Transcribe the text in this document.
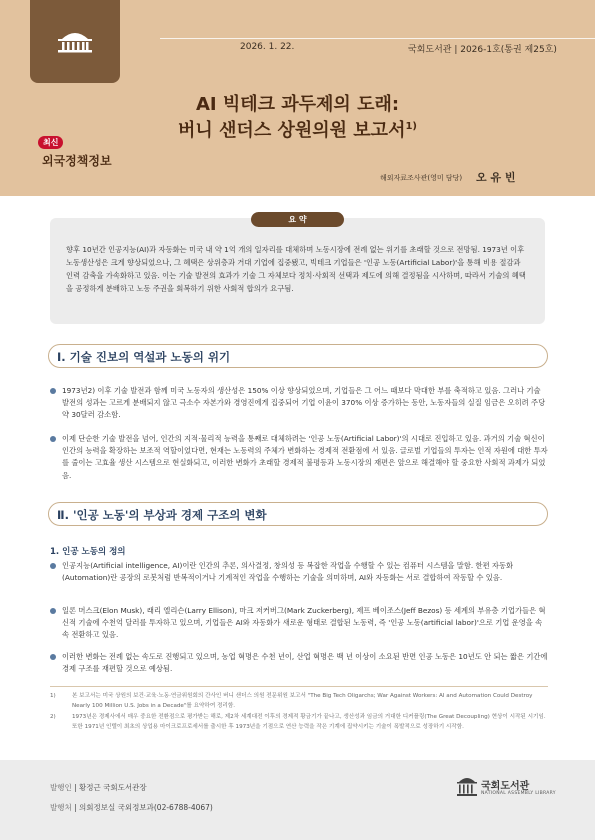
2026. 1. 22.	국회도서관 | 2026-1호(통권 제25호)
AI 빅테크 과두제의 도래:
버니 샌더스 상원의원 보고서$^{1)}$
최신
외국정책정보
해외자료조사관(영미 담당) 오 유 빈
요 약
향후 10년간 인공지능(AI)과 자동화는 미국 내 약 1억 개의 일자리를 대체하며 노동시장에 전례 없는 위기를 초래할 것으로 전망됨. 1973년 이후 노동생산성은 크게 향상되었으나, 그 혜택은 상위층과 거대 기업에 집중됐고, 빅테크 기업들은 '인공 노동(Artificial Labor)'을 통해 비용 절감과 인력 감축을 가속화하고 있음. 이는 기술 발전의 효과가 기술 그 자체보다 정치·사회적 선택과 제도에 의해 결정됨을 시사하며, 따라서 기술의 혜택을 공정하게 분배하고 노동 주권을 회복하기 위한 사회적 합의가 요구됨.
Ⅰ. 기술 진보의 역설과 노동의 위기
1973년2) 이후 기술 발전과 함께 미국 노동자의 생산성은 150% 이상 향상되었으며, 기업들은 그 어느 때보다 막대한 부를 축적하고 있음. 그러나 기술 발전의 성과는 고르게 분배되지 않고 극소수 자본가와 경영진에게 집중되어 기업 이윤이 370% 이상 증가하는 동안, 노동자들의 실질 임금은 오히려 주당 약 30달러 감소함.
이제 단순한 기술 발전을 넘어, 인간의 지적·물리적 능력을 통째로 대체하려는 '인공 노동(Artificial Labor)'의 시대로 진입하고 있음. 과거의 기술 혁신이 인간의 능력을 확장하는 보조적 역할이었다면, 현재는 노동력의 주체가 변화하는 경제적 전환점에 서 있음. 글로벌 기업들의 투자는 인적 자원에 대한 투자를 줄이는 고효율 생산 시스템으로 현실화되고, 이러한 변화가 초래할 경제적 불평등과 노동시장의 재편은 앞으로 해결해야 할 중요한 사회적 과제가 되었음.
Ⅱ. '인공 노동'의 부상과 경제 구조의 변화
1. 인공 노동의 정의
인공지능(Artificial intelligence, AI)이란 인간의 추론, 의사결정, 창의성 등 복잡한 작업을 수행할 수 있는 컴퓨터 시스템을 말함. 한편 자동화(Automation)란 공장의 로봇처럼 반복적이거나 기계적인 작업을 수행하는 기술을 의미하며, AI와 자동화는 서로 결합하여 작동할 수 있음.
일론 머스크(Elon Musk), 래리 엘리슨(Larry Ellison), 마크 저커버그(Mark Zuckerberg), 제프 베이조스(Jeff Bezos) 등 세계의 부유층 기업가들은 혁신적 기술에 수천억 달러를 투자하고 있으며, 기업들은 AI와 자동화가 새로운 형태로 결합된 노동력, 즉 '인공 노동(artificial labor)'으로 기업 운영을 속속 전환하고 있음.
이러한 변화는 전례 없는 속도로 진행되고 있으며, 농업 혁명은 수천 년이, 산업 혁명은 백 년 이상이 소요된 반면 인공 노동은 10년도 안 되는 짧은 기간에 경제 구조를 재편할 것으로 예상됨.
1)	본 보고서는 미국 상원의 보건·교육·노동·연금위원회의 간사인 버니 샌더스 의원 전문위원 보고서 "The Big Tech Oligarchs; War Against Workers: AI and Automation Could Destroy Nearly 100 Million U.S. Jobs in a Decade"를 요약하여 정리함.
2)	1973년은 경제사에서 매우 중요한 전환점으로 평가받는 해로, 제2차 세계대전 이후의 경제적 황금기가 끝나고, 생산성과 임금의 거대한 디커플링(The Great Decoupling) 현상이 시작된 시기임. 또한 1971년 인텔이 최초의 상업용 마이크로프로세서를 출시한 후 1973년을 기점으로 연산 능력을 작은 기계에 집약시키는 기술이 폭발적으로 성장하기 시작함.
발행인 | 황정근 국회도서관장
발행처 | 의회정보실 국외정보과(02-6788-4067)
국회도서관
NATIONAL ASSEMBLY LIBRARY
